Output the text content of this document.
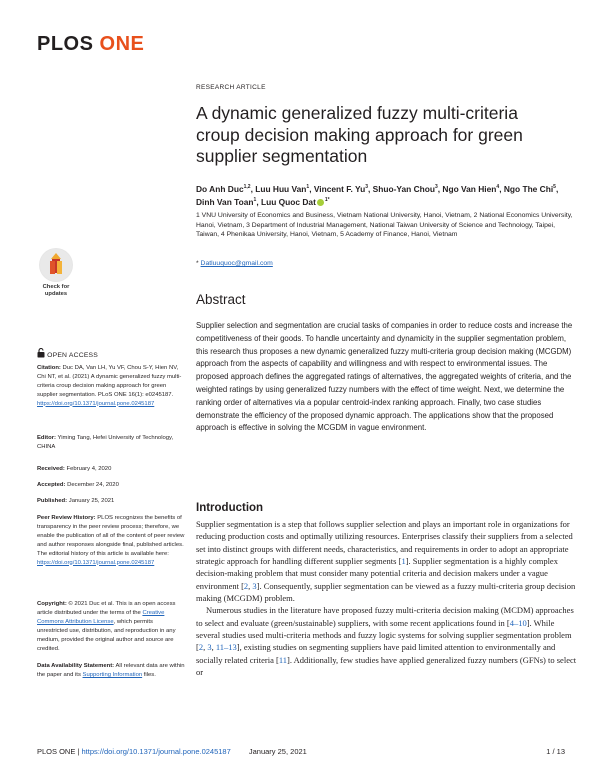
PLOS ONE
Check for
updates
OPEN ACCESS
Citation: Duc DA, Van LH, Yu VF, Chou S-Y, Hien NV, Chi NT, et al. (2021) A dynamic generalized fuzzy multi-criteria croup decision making approach for green supplier segmentation. PLoS ONE 16(1): e0245187. https://doi.org/10.1371/journal.pone.0245187
Editor: Yiming Tang, Hefei University of Technology, CHINA
Received: February 4, 2020
Accepted: December 24, 2020
Published: January 25, 2021
Peer Review History: PLOS recognizes the benefits of transparency in the peer review process; therefore, we enable the publication of all of the content of peer review and author responses alongside final, published articles. The editorial history of this article is available here: https://doi.org/10.1371/journal.pone.0245187
Copyright: © 2021 Duc et al. This is an open access article distributed under the terms of the Creative Commons Attribution License, which permits unrestricted use, distribution, and reproduction in any medium, provided the original author and source are credited.
Data Availability Statement: All relevant data are within the paper and its Supporting Information files.
RESEARCH ARTICLE
A dynamic generalized fuzzy multi-criteria croup decision making approach for green supplier segmentation
Do Anh Duc$^{1,2}$, Luu Huu Van$^1$, Vincent F. Yu$^3$, Shuo-Yan Chou$^3$, Ngo Van Hien$^4$, Ngo The Chi$^5$, Dinh Van Toan$^1$, Luu Quoc Dat $^{1*}$
1 VNU University of Economics and Business, Vietnam National University, Hanoi, Vietnam, 2 National Economics University, Hanoi, Vietnam, 3 Department of Industrial Management, National Taiwan University of Science and Technology, Taipei, Taiwan, 4 Phenikaa University, Hanoi, Vietnam, 5 Academy of Finance, Hanoi, Vietnam
* Datluuquoc@gmail.com
Abstract
Supplier selection and segmentation are crucial tasks of companies in order to reduce costs and increase the competitiveness of their goods. To handle uncertainty and dynamicity in the supplier segmentation problem, this research thus proposes a new dynamic generalized fuzzy multi-criteria group decision making (MCGDM) approach from the aspects of capability and willingness and with respect to environmental issues. The proposed approach defines the aggregated ratings of alternatives, the aggregated weights of criteria, and the weighted ratings by using generalized fuzzy numbers with the effect of time weight. Next, we determine the ranking order of alternatives via a popular centroid-index ranking approach. Finally, two case studies demonstrate the efficiency of the proposed dynamic approach. The applications show that the proposed approach is effective in solving the MCGDM in vague environment.
Introduction

Supplier segmentation is a step that follows supplier selection and plays an important role in organizations for reducing production costs and optimally utilizing resources. Enterprises classify their suppliers from a selected set into distinct groups with different needs, characteristics, and requirements in order to adopt an appropriate strategic approach for handling different supplier segments [1]. Supplier segmentation is a highly complex decision-making problem that must consider many potential criteria and decision makers under a vague environment [2, 3]. Consequently, supplier segmentation can be viewed as a fuzzy multi-criteria group decision making (MCGDM) problem.

Numerous studies in the literature have proposed fuzzy multi-criteria decision making (MCDM) approaches to select and evaluate (green/sustainable) suppliers, with some recent applications found in [4–10]. While several studies used multi-criteria methods and fuzzy logic systems for solving supplier segmentation problem [2, 3, 11–13], existing studies on segmenting suppliers have paid limited attention to environmentally and socially related criteria [11]. Additionally, few studies have applied generalized fuzzy numbers (GFNs) to select or

PLOS ONE | https://doi.org/10.1371/journal.pone.0245187 January 25, 2021	1 / 13
